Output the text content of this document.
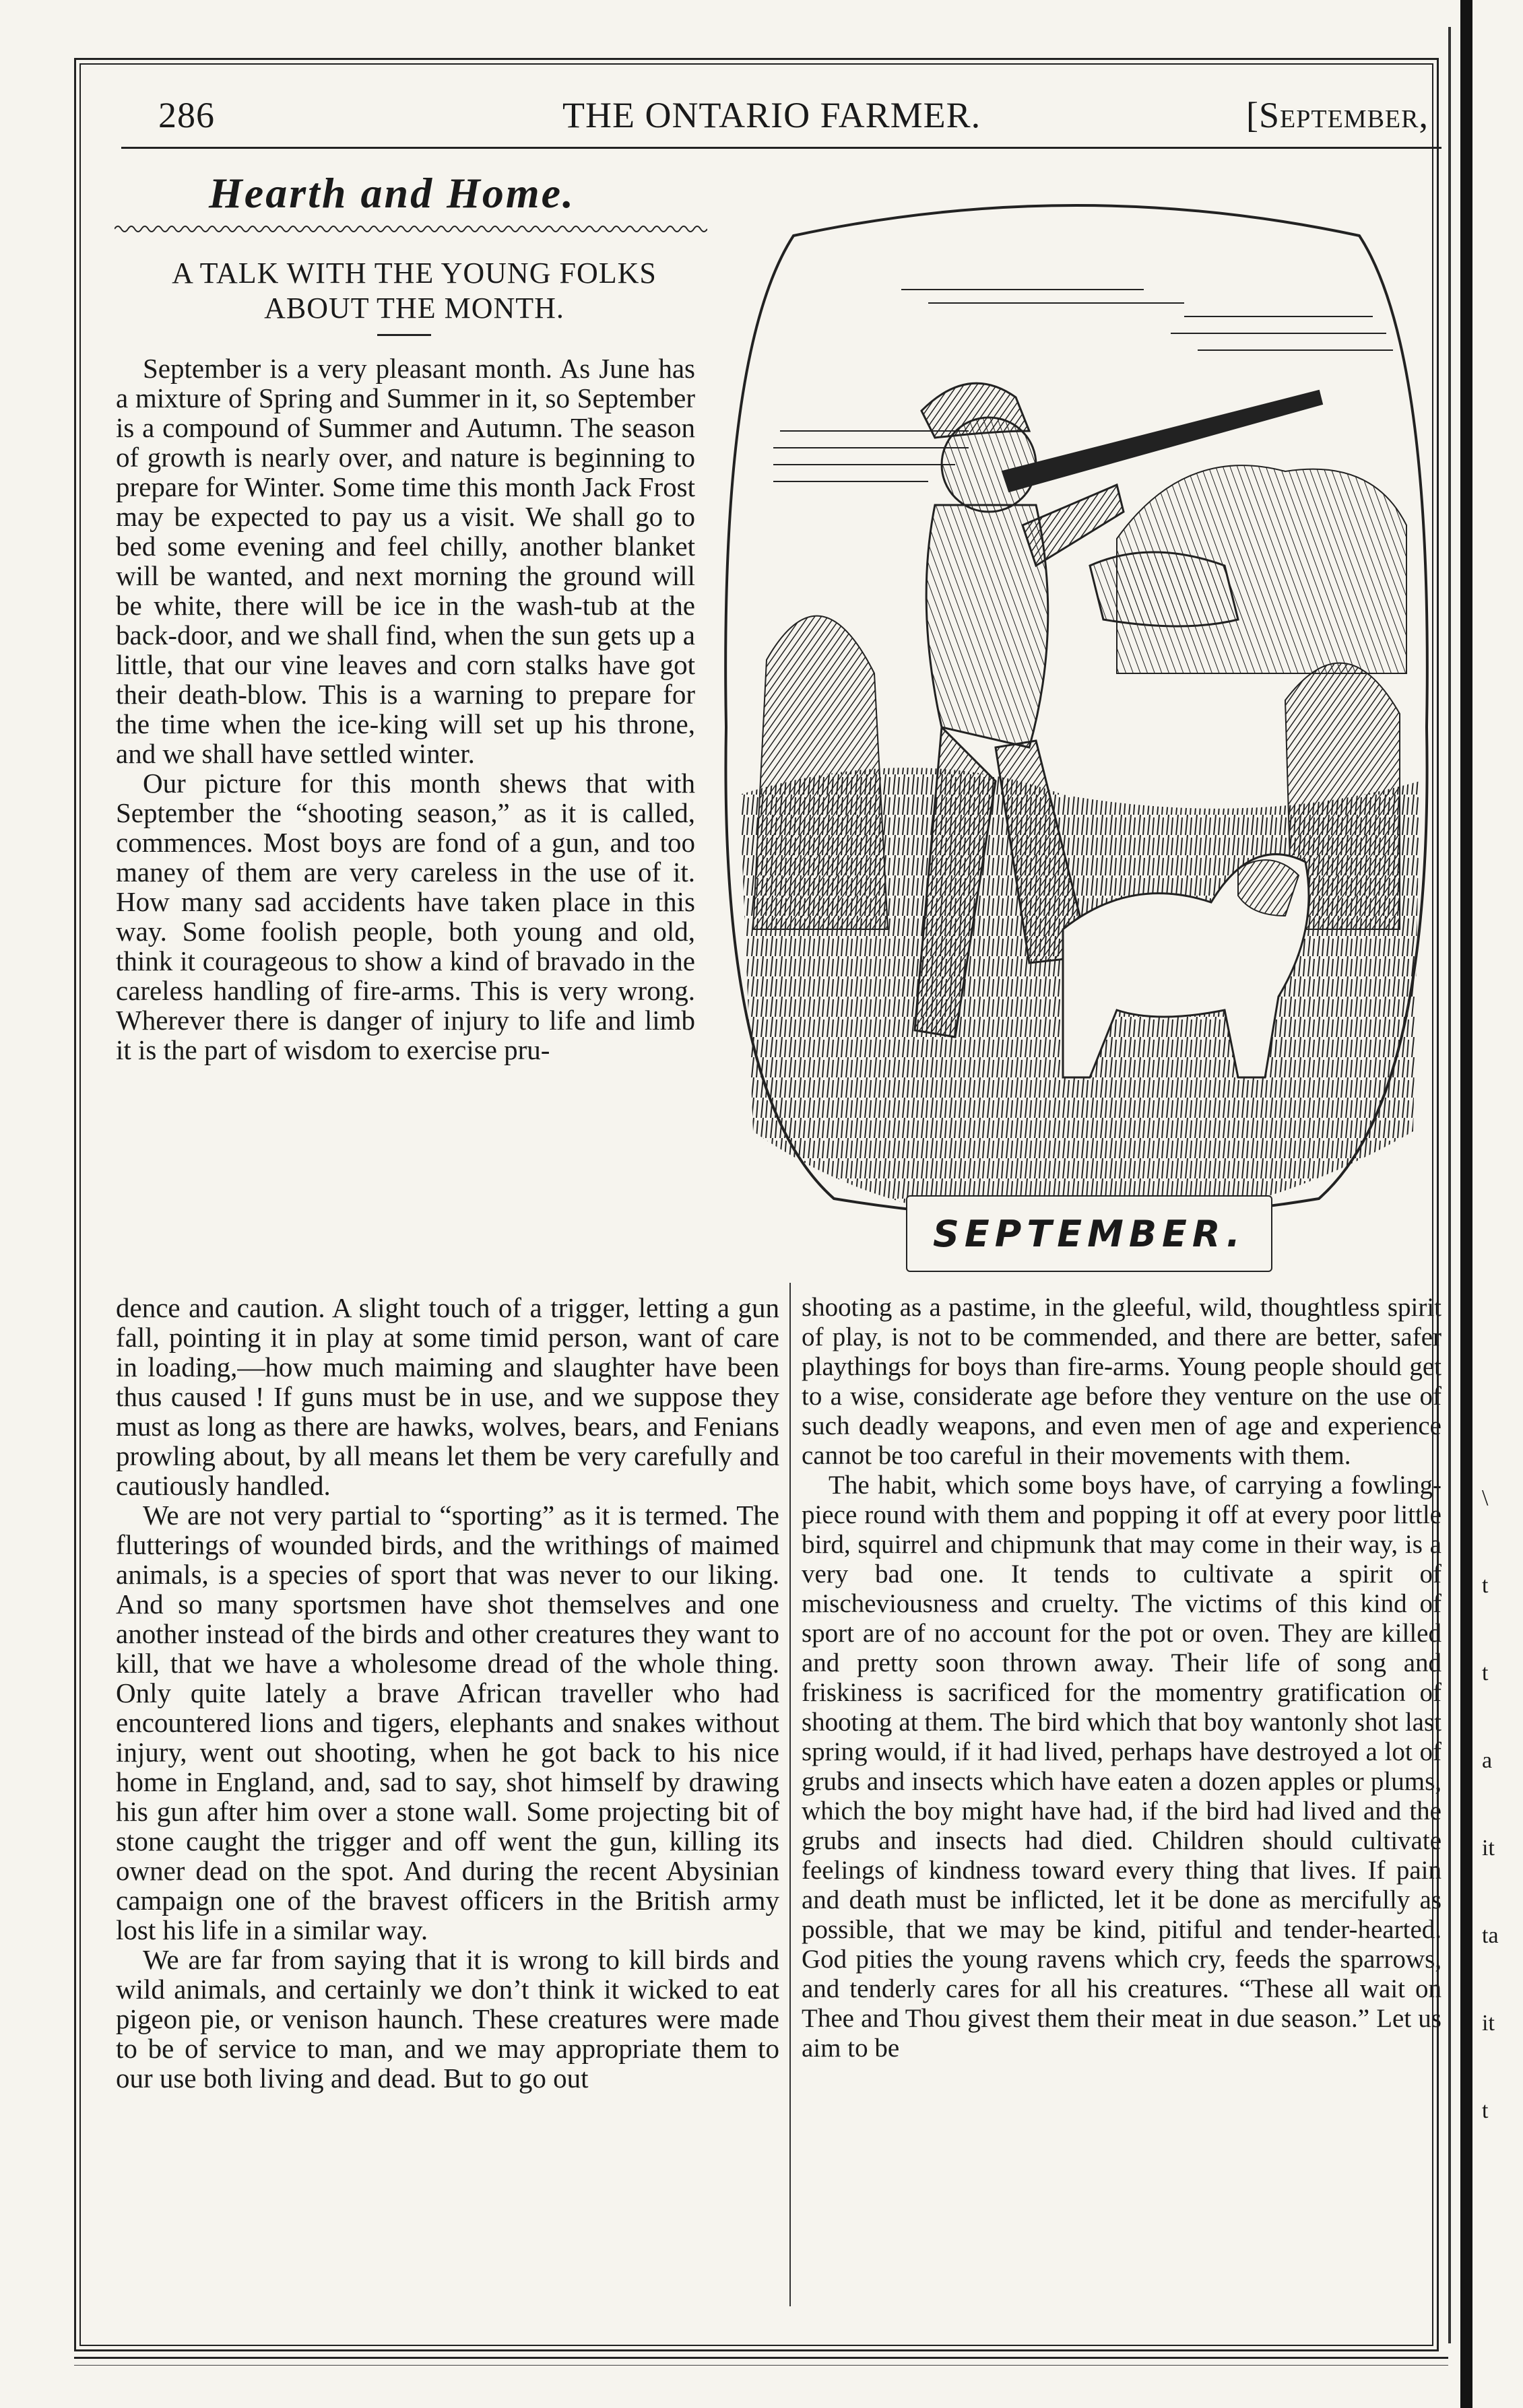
\
t
t
a
it
ta
it
t
286	THE ONTARIO FARMER.	[September,
Hearth and Home.
A TALK WITH THE YOUNG FOLKS ABOUT THE MONTH.

September is a very pleasant month. As June has a mixture of Spring and Summer in it, so September is a compound of Summer and Autumn. The season of growth is nearly over, and nature is beginning to prepare for Winter. Some time this month Jack Frost may be expected to pay us a visit. We shall go to bed some evening and feel chilly, another blanket will be wanted, and next morning the ground will be white, there will be ice in the wash-tub at the back-door, and we shall find, when the sun gets up a little, that our vine leaves and corn stalks have got their death-blow. This is a warning to prepare for the time when the ice-king will set up his throne, and we shall have settled winter.

Our picture for this month shews that with September the “shooting season,” as it is called, commences. Most boys are fond of a gun, and too maney of them are very careless in the use of it. How many sad accidents have taken place in this way. Some foolish people, both young and old, think it courageous to show a kind of bravado in the careless handling of fire-arms. This is very wrong. Wherever there is danger of injury to life and limb it is the part of wisdom to exercise pru-

SEPTEMBER.

dence and caution. A slight touch of a trigger, letting a gun fall, pointing it in play at some timid person, want of care in loading,—how much maiming and slaughter have been thus caused ! If guns must be in use, and we suppose they must as long as there are hawks, wolves, bears, and Fenians prowling about, by all means let them be very carefully and cautiously handled.

We are not very partial to “sporting” as it is termed. The flutterings of wounded birds, and the writhings of maimed animals, is a species of sport that was never to our liking. And so many sportsmen have shot themselves and one another instead of the birds and other creatures they want to kill, that we have a wholesome dread of the whole thing. Only quite lately a brave African traveller who had encountered lions and tigers, elephants and snakes without injury, went out shooting, when he got back to his nice home in England, and, sad to say, shot himself by drawing his gun after him over a stone wall. Some projecting bit of stone caught the trigger and off went the gun, killing its owner dead on the spot. And during the recent Abysinian campaign one of the bravest officers in the British army lost his life in a similar way.

We are far from saying that it is wrong to kill birds and wild animals, and certainly we don’t think it wicked to eat pigeon pie, or venison haunch. These creatures were made to be of service to man, and we may appropriate them to our use both living and dead. But to go out

shooting as a pastime, in the gleeful, wild, thoughtless spirit of play, is not to be commended, and there are better, safer playthings for boys than fire-arms. Young people should get to a wise, considerate age before they venture on the use of such deadly weapons, and even men of age and experience cannot be too careful in their movements with them.

The habit, which some boys have, of carrying a fowling-piece round with them and popping it off at every poor little bird, squirrel and chipmunk that may come in their way, is a very bad one. It tends to cultivate a spirit of mischeviousness and cruelty. The victims of this kind of sport are of no account for the pot or oven. They are killed and pretty soon thrown away. Their life of song and friskiness is sacrificed for the momentry gratification of shooting at them. The bird which that boy wantonly shot last spring would, if it had lived, perhaps have destroyed a lot of grubs and insects which have eaten a dozen apples or plums, which the boy might have had, if the bird had lived and the grubs and insects had died. Children should cultivate feelings of kindness toward every thing that lives. If pain and death must be inflicted, let it be done as mercifully as possible, that we may be kind, pitiful and tender-hearted. God pities the young ravens which cry, feeds the sparrows, and tenderly cares for all his creatures. “These all wait on Thee and Thou givest them their meat in due season.” Let us aim to be
